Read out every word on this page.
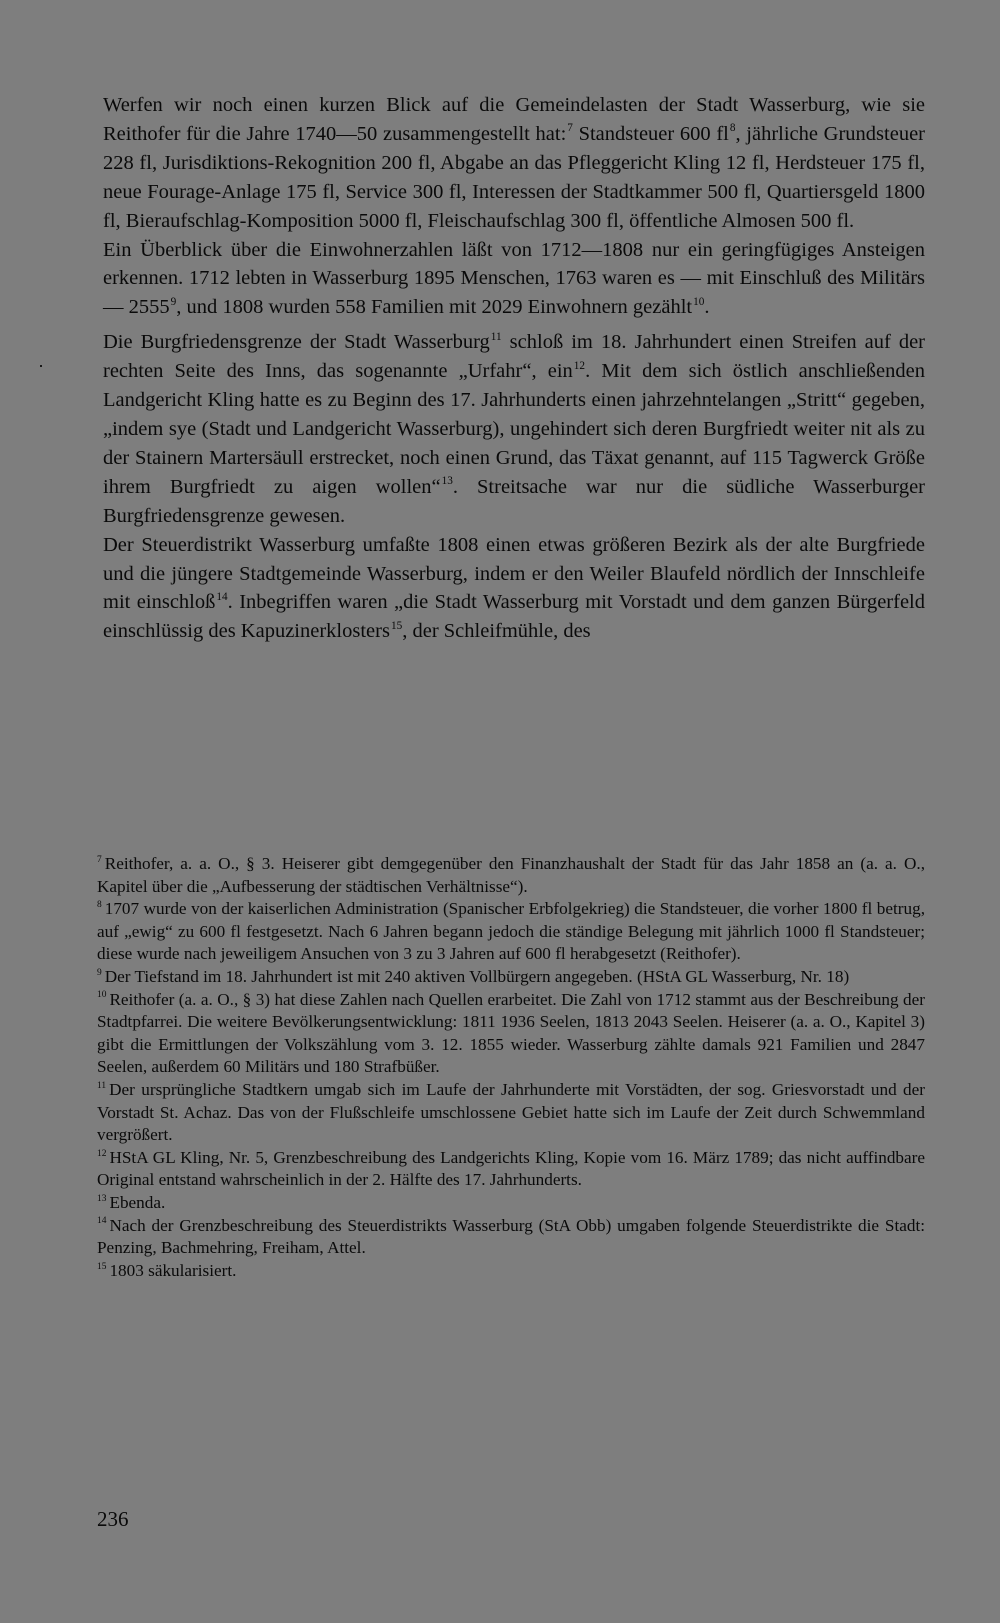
Werfen wir noch einen kurzen Blick auf die Gemeindelasten der Stadt Wasserburg, wie sie Reithofer für die Jahre 1740—50 zusammengestellt hat:$^7$ Standsteuer 600 $fl^8$, jährliche Grundsteuer 228 fl, Jurisdiktions-Rekognition 200 fl, Abgabe an das Pfleggericht Kling 12 fl, Herdsteuer 175 fl, neue Fourage-Anlage 175 fl, Service 300 fl, Interessen der Stadtkammer 500 fl, Quartiersgeld 1800 fl, Bieraufschlag-Komposition 5000 fl, Fleischaufschlag 300 fl, öffentliche Almosen 500 fl.

Ein Überblick über die Einwohnerzahlen läßt von 1712—1808 nur ein geringfügiges Ansteigen erkennen. 1712 lebten in Wasserburg 1895 Menschen, 1763 waren es — mit Einschluß des Militärs — 2555$^9$, und 1808 wurden 558 Familien mit 2029 Einwohnern gezählt$^{10}$.

Die Burgfriedensgrenze der Stadt Wasserburg$^{11}$ schloß im 18. Jahrhundert einen Streifen auf der rechten Seite des Inns, das sogenannte „Urfahr“, ein$^{12}$. Mit dem sich östlich anschließenden Landgericht Kling hatte es zu Beginn des 17. Jahrhunderts einen jahrzehntelangen „Stritt“ gegeben, „indem sye (Stadt und Landgericht Wasserburg), ungehindert sich deren Burgfriedt weiter nit als zu der Stainern Martersäull erstrecket, noch einen Grund, das Täxat genannt, auf 115 Tagwerck Größe ihrem Burgfriedt zu aigen wollen“$^{13}$. Streitsache war nur die südliche Wasserburger Burgfriedensgrenze gewesen.

Der Steuerdistrikt Wasserburg umfaßte 1808 einen etwas größeren Bezirk als der alte Burgfriede und die jüngere Stadtgemeinde Wasserburg, indem er den Weiler Blaufeld nördlich der Innschleife mit einschloß$^{14}$. Inbegriffen waren „die Stadt Wasserburg mit Vorstadt und dem ganzen Bürgerfeld einschlüssig des Kapuzinerklosters$^{15}$, der Schleifmühle, des

$^7$ Reithofer, a. a. O., § 3. Heiserer gibt demgegenüber den Finanzhaushalt der Stadt für das Jahr 1858 an (a. a. O., Kapitel über die „Aufbesserung der städtischen Verhältnisse“).

$^8$ 1707 wurde von der kaiserlichen Administration (Spanischer Erbfolgekrieg) die Standsteuer, die vorher 1800 fl betrug, auf „ewig“ zu 600 fl festgesetzt. Nach 6 Jahren begann jedoch die ständige Belegung mit jährlich 1000 fl Standsteuer; diese wurde nach jeweiligem Ansuchen von 3 zu 3 Jahren auf 600 fl herabgesetzt (Reithofer).

$^9$ Der Tiefstand im 18. Jahrhundert ist mit 240 aktiven Vollbürgern angegeben. (HStA GL Wasserburg, Nr. 18)

$^{10}$ Reithofer (a. a. O., § 3) hat diese Zahlen nach Quellen erarbeitet. Die Zahl von 1712 stammt aus der Beschreibung der Stadtpfarrei. Die weitere Bevölkerungsentwicklung: 1811 1936 Seelen, 1813 2043 Seelen. Heiserer (a. a. O., Kapitel 3) gibt die Ermittlungen der Volkszählung vom 3. 12. 1855 wieder. Wasserburg zählte damals 921 Familien und 2847 Seelen, außerdem 60 Militärs und 180 Strafbüßer.

$^{11}$ Der ursprüngliche Stadtkern umgab sich im Laufe der Jahrhunderte mit Vorstädten, der sog. Griesvorstadt und der Vorstadt St. Achaz. Das von der Flußschleife umschlossene Gebiet hatte sich im Laufe der Zeit durch Schwemmland vergrößert.

$^{12}$ HStA GL Kling, Nr. 5, Grenzbeschreibung des Landgerichts Kling, Kopie vom 16. März 1789; das nicht auffindbare Original entstand wahrscheinlich in der 2. Hälfte des 17. Jahrhunderts.

$^{13}$ Ebenda.

$^{14}$ Nach der Grenzbeschreibung des Steuerdistrikts Wasserburg (StA Obb) umgaben folgende Steuerdistrikte die Stadt: Penzing, Bachmehring, Freiham, Attel.

$^{15}$ 1803 säkularisiert.

236
